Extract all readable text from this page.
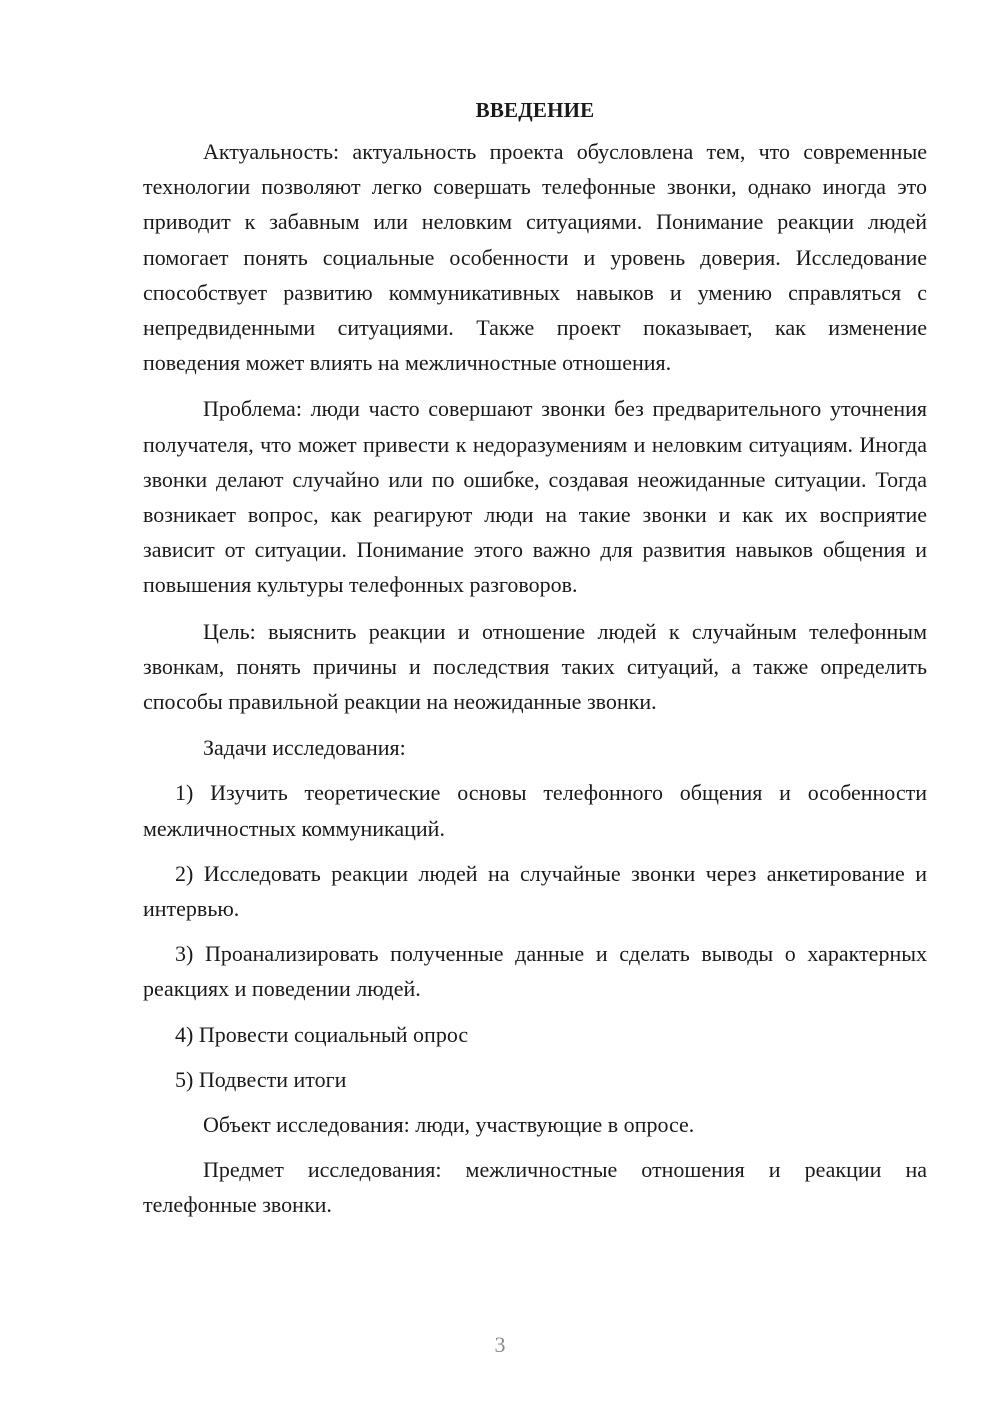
ВВЕДЕНИЕ

Актуальность: актуальность проекта обусловлена тем, что современные технологии позволяют легко совершать телефонные звонки, однако иногда это приводит к забавным или неловким ситуациями. Понимание реакции людей помогает понять социальные особенности и уровень доверия. Исследование способствует развитию коммуникативных навыков и умению справляться с непредвиденными ситуациями. Также проект показывает, как изменение поведения может влиять на межличностные отношения.

Проблема: люди часто совершают звонки без предварительного уточнения получателя, что может привести к недоразумениям и неловким ситуациям. Иногда звонки делают случайно или по ошибке, создавая неожиданные ситуации. Тогда возникает вопрос, как реагируют люди на такие звонки и как их восприятие зависит от ситуации. Понимание этого важно для развития навыков общения и повышения культуры телефонных разговоров.

Цель: выяснить реакции и отношение людей к случайным телефонным звонкам, понять причины и последствия таких ситуаций, а также определить способы правильной реакции на неожиданные звонки.

Задачи исследования:

1) Изучить теоретические основы телефонного общения и особенности межличностных коммуникаций.

2) Исследовать реакции людей на случайные звонки через анкетирование и интервью.

3) Проанализировать полученные данные и сделать выводы о характерных реакциях и поведении людей.

4) Провести социальный опрос

5) Подвести итоги

Объект исследования: люди, участвующие в опросе.

Предмет исследования: межличностные отношения и реакции на телефонные звонки.

3
